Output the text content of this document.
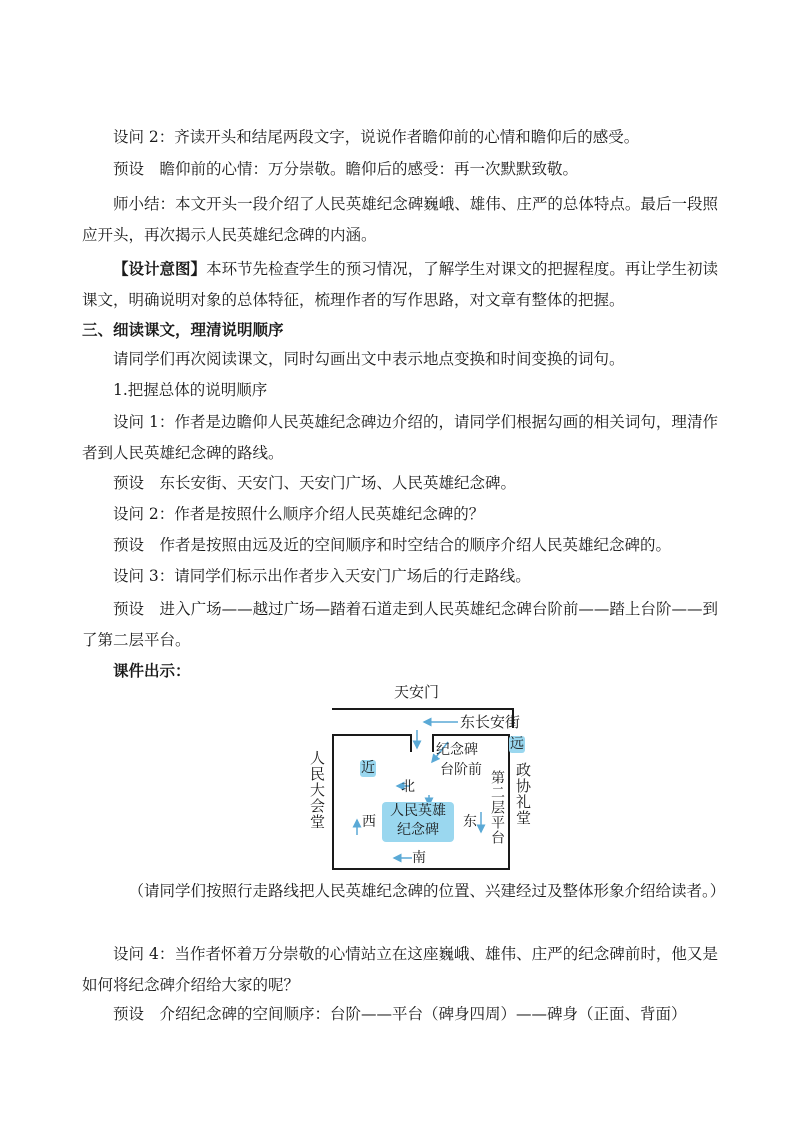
设问 2：齐读开头和结尾两段文字，说说作者瞻仰前的心情和瞻仰后的感受。

预设 瞻仰前的心情：万分崇敬。瞻仰后的感受：再一次默默致敬。

师小结：本文开头一段介绍了人民英雄纪念碑巍峨、雄伟、庄严的总体特点。最后一段照应开头，再次揭示人民英雄纪念碑的内涵。

【设计意图】本环节先检查学生的预习情况，了解学生对课文的把握程度。再让学生初读课文，明确说明对象的总体特征，梳理作者的写作思路，对文章有整体的把握。

三、细读课文，理清说明顺序

请同学们再次阅读课文，同时勾画出文中表示地点变换和时间变换的词句。

1.把握总体的说明顺序

设问 1：作者是边瞻仰人民英雄纪念碑边介绍的，请同学们根据勾画的相关词句，理清作者到人民英雄纪念碑的路线。

预设 东长安街、天安门、天安门广场、人民英雄纪念碑。

设问 2：作者是按照什么顺序介绍人民英雄纪念碑的？

预设 作者是按照由远及近的空间顺序和时空结合的顺序介绍人民英雄纪念碑的。

设问 3：请同学们标示出作者步入天安门广场后的行走路线。

预设 进入广场——越过广场—踏着石道走到人民英雄纪念碑台阶前——踏上台阶——到了第二层平台。

课件出示：

天安门
东长安街
远
近
纪念碑
台阶前
北
西	东
南
人民英雄
纪念碑
人民大会堂	第二层平台 政协礼堂

（请同学们按照行走路线把人民英雄纪念碑的位置、兴建经过及整体形象介绍给读者。）

设问 4：当作者怀着万分崇敬的心情站立在这座巍峨、雄伟、庄严的纪念碑前时，他又是如何将纪念碑介绍给大家的呢？

预设 介绍纪念碑的空间顺序：台阶——平台（碑身四周）——碑身（正面、背面）
